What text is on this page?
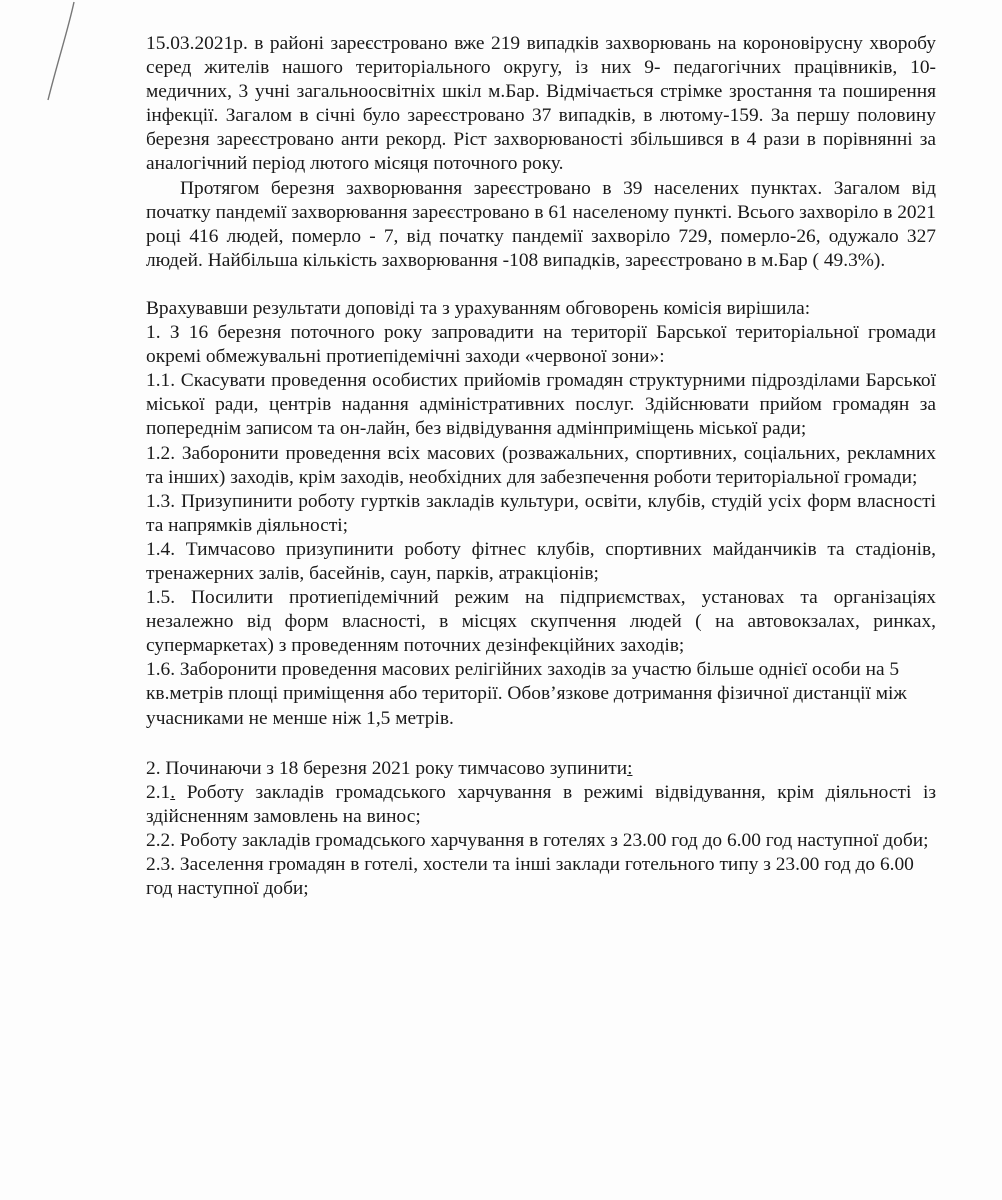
15.03.2021р. в районі зареєстровано вже 219 випадків захворювань на короновірусну хворобу серед жителів нашого територіального округу, із них 9- педагогічних працівників, 10- медичних, 3 учні загальноосвітніх шкіл м.Бар. Відмічається стрімке зростання та поширення інфекції. Загалом в січні було зареєстровано 37 випадків, в лютому-159. За першу половину березня зареєстровано анти рекорд. Ріст захворюваності збільшився в 4 рази в порівнянні за аналогічний період лютого місяця поточного року.

Протягом березня захворювання зареєстровано в 39 населених пунктах. Загалом від початку пандемії захворювання зареєстровано в 61 населеному пункті. Всього захворіло в 2021 році 416 людей, померло - 7, від початку пандемії захворіло 729, померло-26, одужало 327 людей. Найбільша кількість захворювання -108 випадків, зареєстровано в м.Бар ( 49.3%).

Врахувавши результати доповіді та з урахуванням обговорень комісія вирішила:

1. З 16 березня поточного року запровадити на території Барської територіальної громади окремі обмежувальні протиепідемічні заходи «червоної зони»:

1.1. Скасувати проведення особистих прийомів громадян структурними підрозділами Барської міської ради, центрів надання адміністративних послуг. Здійснювати прийом громадян за попереднім записом та он-лайн, без відвідування адмінприміщень міської ради;

1.2. Заборонити проведення всіх масових (розважальних, спортивних, соціальних, рекламних та інших) заходів, крім заходів, необхідних для забезпечення роботи територіальної громади;

1.3. Призупинити роботу гуртків закладів культури, освіти, клубів, студій усіх форм власності та напрямків діяльності;

1.4. Тимчасово призупинити роботу фітнес клубів, спортивних майданчиків та стадіонів, тренажерних залів, басейнів, саун, парків, атракціонів;

1.5. Посилити протиепідемічний режим на підприємствах, установах та організаціях незалежно від форм власності, в місцях скупчення людей ( на автовокзалах, ринках, супермаркетах) з проведенням поточних дезінфекційних заходів;

1.6. Заборонити проведення масових релігійних заходів за участю більше однієї особи на 5 кв.метрів площі приміщення або території. Обов’язкове дотримання фізичної дистанції між учасниками не менше ніж 1,5 метрів.

2. Починаючи з 18 березня 2021 року тимчасово зупинити:

2.1. Роботу закладів громадського харчування в режимі відвідування, крім діяльності із здійсненням замовлень на винос;

2.2. Роботу закладів громадського харчування в готелях з 23.00 год до 6.00 год наступної доби;

2.3. Заселення громадян в готелі, хостели та інші заклади готельного типу з 23.00 год до 6.00 год наступної доби;
